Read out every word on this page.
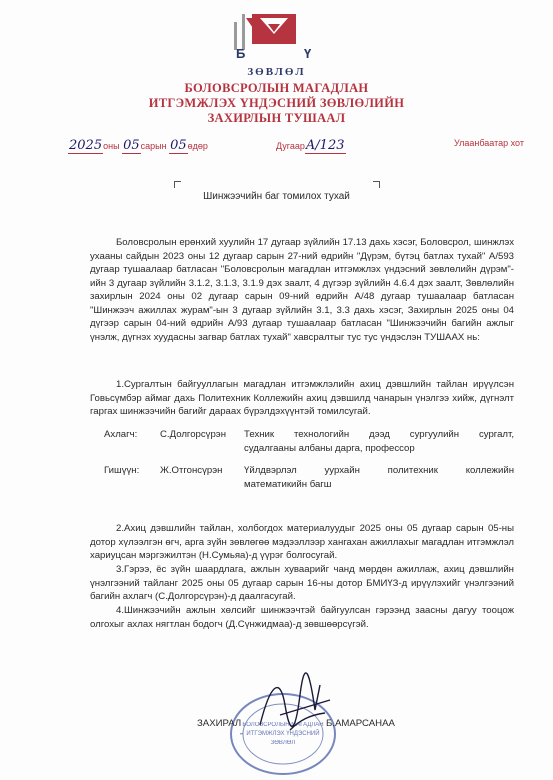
Б	Ү
ЗӨВЛӨЛ
БОЛОВСРОЛЫН МАГАДЛАН
ИТГЭМЖЛЭХ ҮНДЭСНИЙ ЗӨВЛӨЛИЙН
ЗАХИРЛЫН ТУШААЛ
2025оны 05сарын 05өдөр	ДугаарA/123	Улаанбаатар хот
Шинжээчийн баг томилох тухай
Боловсролын ерөнхий хуулийн 17 дугаар зүйлийн 17.13 дахь хэсэг, Боловсрол, шинжлэх ухааны сайдын 2023 оны 12 дугаар сарын 27-ний өдрийн "Дүрэм, бүтэц батлах тухай" А/593 дугаар тушаалаар батласан "Боловсролын магадлан итгэмжлэх үндэсний зөвлөлийн дүрэм"-ийн 3 дугаар зүйлийн 3.1.2, 3.1.3, 3.1.9 дэх заалт, 4 дүгээр зүйлийн 4.6.4 дэх заалт, Зөвлөлийн захирлын 2024 оны 02 дугаар сарын 09-ний өдрийн А/48 дугаар тушаалаар батласан "Шинжээч ажиллах журам"-ын 3 дугаар зүйлийн 3.1, 3.3 дахь хэсэг, Захирлын 2025 оны 04 дүгээр сарын 04-ний өдрийн А/93 дугаар тушаалаар батласан "Шинжээчийн багийн ажлыг үнэлж, дүгнэх хуудасны загвар батлах тухай" хавсралтыг тус тус үндэслэн ТУШААХ нь:
1.Сургалтын байгууллагын магадлан итгэмжлэлийн ахиц дэвшлийн тайлан ирүүлсэн Говьсүмбэр аймаг дахь Политехник Коллежийн ахиц дэвшилд чанарын үнэлгээ хийж, дүгнэлт гаргах шинжээчийн багийг дараах бүрэлдэхүүнтэй томилсугай.
Ахлагч: С.Долгорсүрэн Техник технологийн дээд сургуулийн сургалт,
судалгааны албаны дарга, профессор
Гишүүн: Ж.Отгонсүрэн Үйлдвэрлэл уурхайн политехник коллежийн
математикийн багш
2.Ахиц дэвшлийн тайлан, холбогдох материалуудыг 2025 оны 05 дугаар сарын 05-ны дотор хүлээлгэн өгч, арга зүйн зөвлөгөө мэдээллээр хангахан ажиллахыг магадлан итгэмжлэл хариуцсан мэргэжилтэн (Н.Сумьяа)-д үүрэг болгосугай.
3.Гэрээ, ёс зүйн шаардлага, ажлын хуваарийг чанд мөрдөн ажиллаж, ахиц дэвшлийн үнэлгээний тайланг 2025 оны 05 дугаар сарын 16-ны дотор БМИҮЗ-д ирүүлэхийг үнэлгээний багийн ахлагч (С.Долгорсүрэн)-д даалгасугай.
4.Шинжээчийн ажлын хөлсийг шинжээчтэй байгуулсан гэрээнд заасны дагуу тооцож олгохыг ахлах нягтлан бодогч (Д.Сүнжидмаа)-д зөвшөөрсүгэй.
БОЛОВСРОЛЫН МАГАДЛАН
ИТГЭМЖЛЭХ ҮНДЭСНИЙ
ЗӨВЛӨЛ
᠊
ЗАХИРАЛ	Б.АМАРСАНАА
